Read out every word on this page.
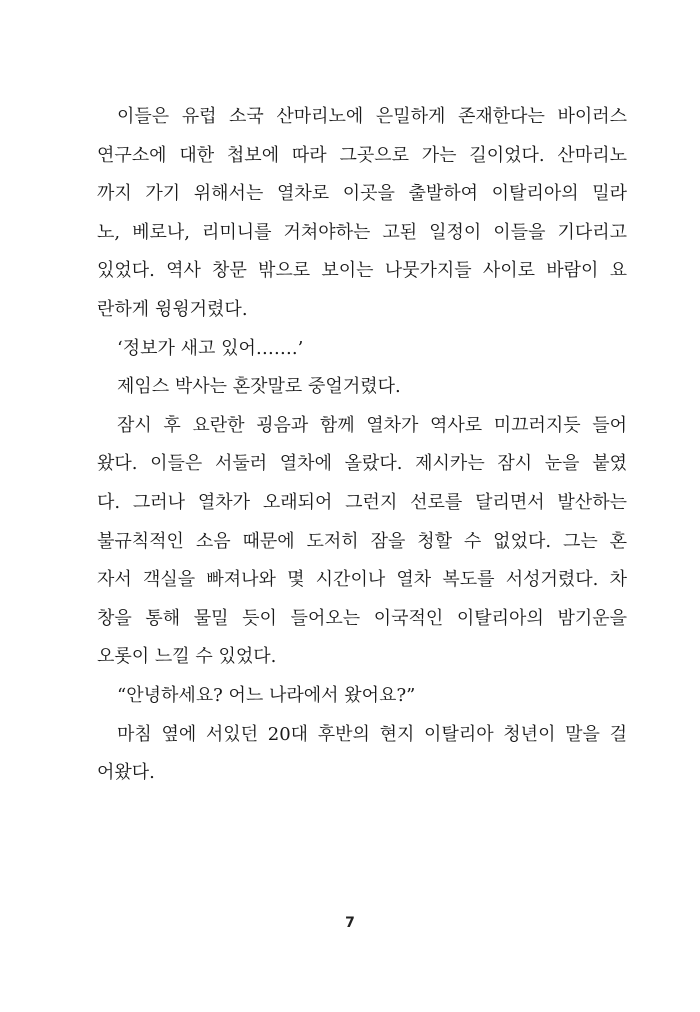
이들은 유럽 소국 산마리노에 은밀하게 존재한다는 바이러스
연구소에 대한 첩보에 따라 그곳으로 가는 길이었다. 산마리노
까지 가기 위해서는 열차로 이곳을 출발하여 이탈리아의 밀라
노, 베로나, 리미니를 거쳐야하는 고된 일정이 이들을 기다리고
있었다. 역사 창문 밖으로 보이는 나뭇가지들 사이로 바람이 요
란하게 윙윙거렸다.
‘정보가 새고 있어…….’
제임스 박사는 혼잣말로 중얼거렸다.
잠시 후 요란한 굉음과 함께 열차가 역사로 미끄러지듯 들어
왔다. 이들은 서둘러 열차에 올랐다. 제시카는 잠시 눈을 붙였
다. 그러나 열차가 오래되어 그런지 선로를 달리면서 발산하는
불규칙적인 소음 때문에 도저히 잠을 청할 수 없었다. 그는 혼
자서 객실을 빠져나와 몇 시간이나 열차 복도를 서성거렸다. 차
창을 통해 물밀 듯이 들어오는 이국적인 이탈리아의 밤기운을
오롯이 느낄 수 있었다.
“안녕하세요? 어느 나라에서 왔어요?”
마침 옆에 서있던 20대 후반의 현지 이탈리아 청년이 말을 걸
어왔다.
7
